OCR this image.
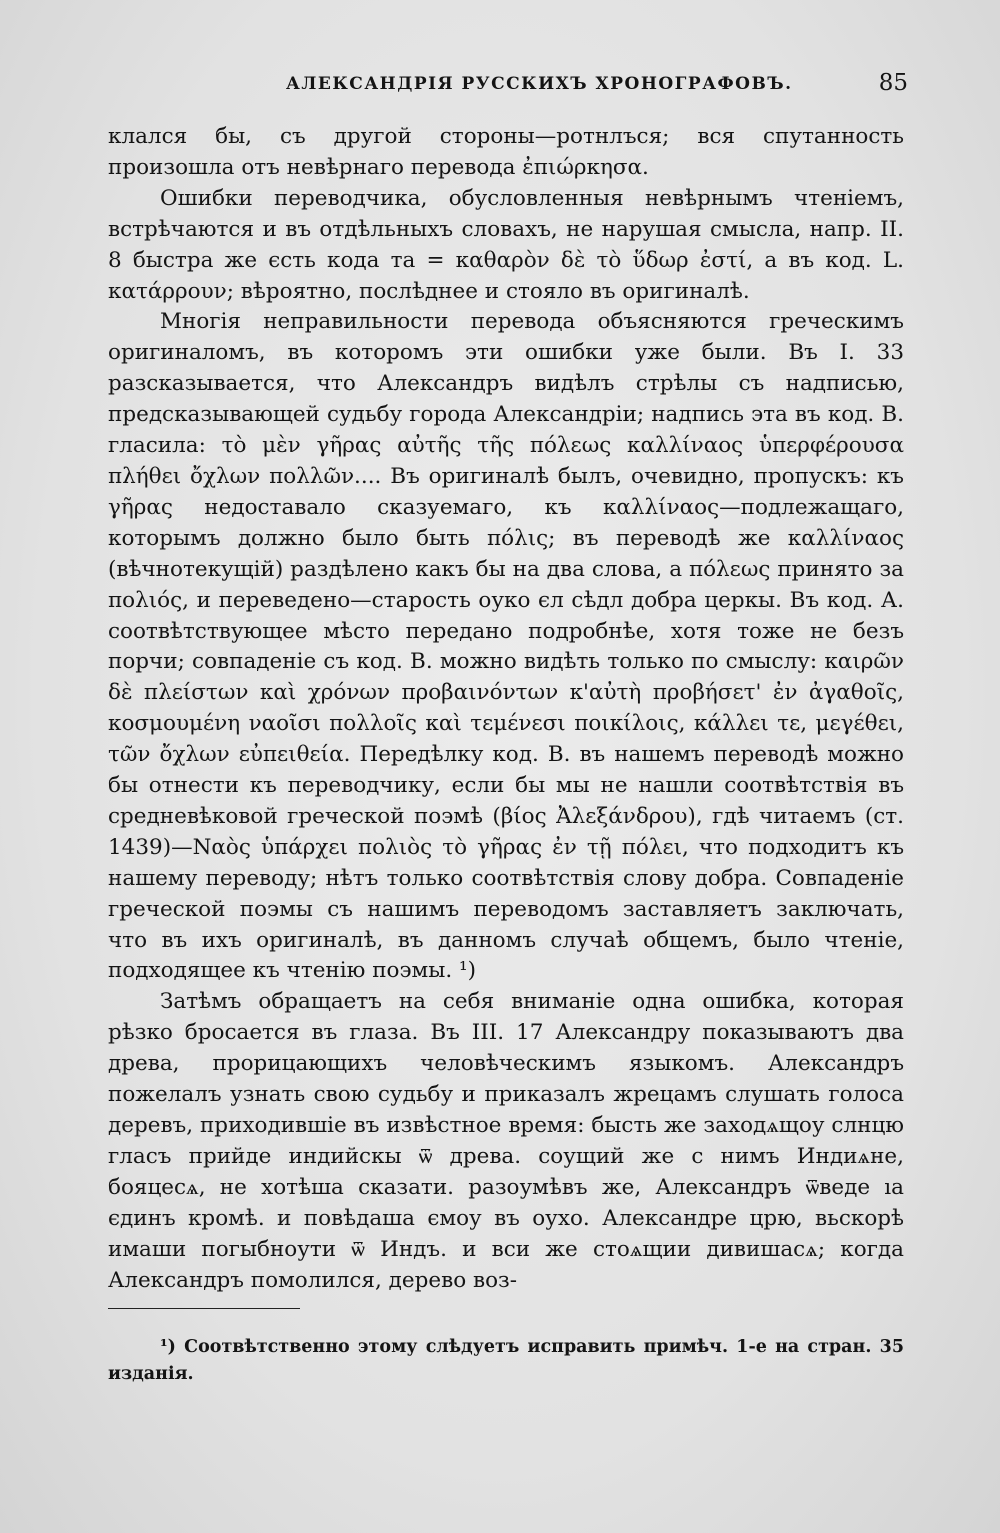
АЛЕКСАНДРІЯ РУССКИХЪ ХРОНОГРАФОВЪ.	85

клался бы, съ другой стороны—ротнлъся; вся спутанность произошла отъ невѣрнаго перевода ἐπιώρκησα.

Ошибки переводчика, обусловленныя невѣрнымъ чтеніемъ, встрѣчаются и въ отдѣльныхъ словахъ, не нарушая смысла, напр. II. 8 быстра же єсть кода та = καθαρὸν δὲ τὸ ὕδωρ ἐστί, а въ код. L. κατάρρουν; вѣроятно, послѣднее и стояло въ оригиналѣ.

Многія неправильности перевода объясняются греческимъ оригиналомъ, въ которомъ эти ошибки уже были. Въ I. 33 разсказывается, что Александръ видѣлъ стрѣлы съ надписью, предсказывающей судьбу города Александріи; надпись эта въ код. В. гласила: τὸ μὲν γῆρας αὐτῆς τῆς πόλεως καλλίναος ὑπερφέρουσα πλήθει ὄχλων πολλῶν.... Въ оригиналѣ былъ, очевидно, пропускъ: къ γῆρας недоставало сказуемаго, къ καλλίναος—подлежащаго, которымъ должно было быть πόλις; въ переводѣ же καλλίναος (вѣчнотекущій) раздѣлено какъ бы на два слова, а πόλεως принято за πολιός, и переведено—старость оуко єл сѣдл добра церкы. Въ код. А. соотвѣтствующее мѣсто передано подробнѣе, хотя тоже не безъ порчи; совпаденіе съ код. В. можно видѣть только по смыслу: καιρῶν δὲ πλείστων καὶ χρόνων προβαινόντων κ'αὐτὴ προβήσετ' ἐν ἀγαθοῖς, κοσμουμένη ναοῖσι πολλοῖς καὶ τεμένεσι ποικίλοις, κάλλει τε, μεγέθει, τῶν ὄχλων εὐπειθεία. Передѣлку код. В. въ нашемъ переводѣ можно бы отнести къ переводчику, если бы мы не нашли соотвѣтствія въ средневѣковой греческой поэмѣ (βίος Ἀλεξάνδρου), гдѣ читаемъ (ст. 1439)—Ναὸς ὑπάρχει πολιὸς τὸ γῆρας ἐν τῇ πόλει, что подходитъ къ нашему переводу; нѣтъ только соотвѣтствія слову добра. Совпаденіе греческой поэмы съ нашимъ переводомъ заставляетъ заключать, что въ ихъ оригиналѣ, въ данномъ случаѣ общемъ, было чтеніе, подходящее къ чтенію поэмы. ¹)

Затѣмъ обращаетъ на себя вниманіе одна ошибка, которая рѣзко бросается въ глаза. Въ III. 17 Александру показываютъ два древа, прорицающихъ человѣческимъ языкомъ. Александръ пожелалъ узнать свою судьбу и приказалъ жрецамъ слушать голоса деревъ, приходившіе въ извѣстное время: бысть же заходѧщоу слнцю гласъ прийде индийскы ѿ древа. соущий же с нимъ Индиѧне, бояцесѧ, не хотѣша сказати. разоумѣвъ же, Александръ ѿведе ıа єдинъ кромѣ. и повѣдаша ємоу въ оухо. Александре црю, вьскорѣ имаши погыбноути ѿ Индъ. и вси же стоѧщии дивишасѧ; когда Александръ помолился, дерево воз-

¹) Соотвѣтственно этому слѣдуетъ исправить примѣч. 1-е на стран. 35 изданія.
